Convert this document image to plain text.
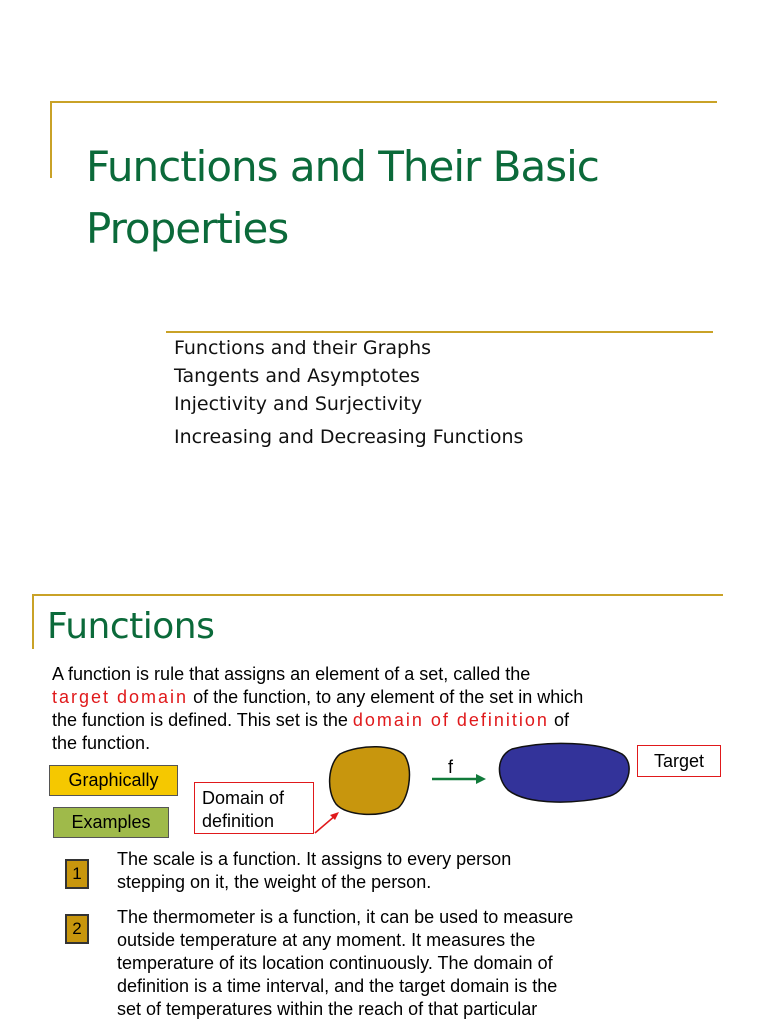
Functions and Their Basic
Properties
Functions and their Graphs
Tangents and Asymptotes
Injectivity and Surjectivity
Increasing and Decreasing Functions
Functions
A function is rule that assigns an element of a set, called the
target domain of the function, to any element of the set in which
the function is defined. This set is the domain of definition of
the function.
Graphically
Examples
f	Target
Domain of
definition
1
The scale is a function. It assigns to every person
stepping on it, the weight of the person.
2
The thermometer is a function, it can be used to measure
outside temperature at any moment. It measures the
temperature of its location continuously. The domain of
definition is a time interval, and the target domain is the
set of temperatures within the reach of that particular
